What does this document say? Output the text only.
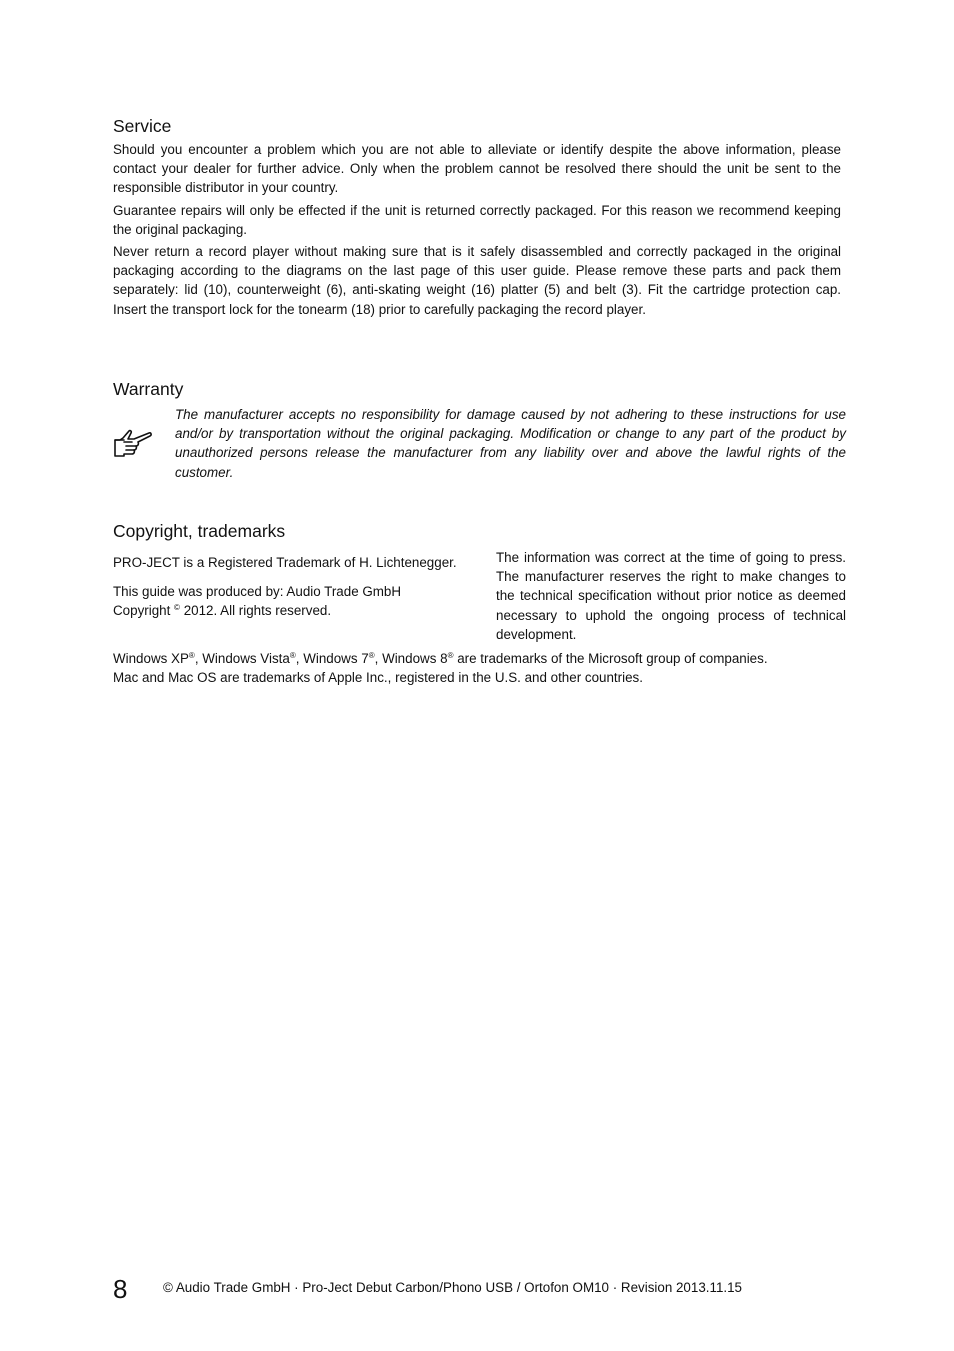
Service

Should you encounter a problem which you are not able to alleviate or identify despite the above information, please contact your dealer for further advice. Only when the problem cannot be resolved there should the unit be sent to the responsible distributor in your country.

Guarantee repairs will only be effected if the unit is returned correctly packaged. For this reason we recommend keeping the original packaging.

Never return a record player without making sure that is it safely disassembled and correctly packaged in the original packaging according to the diagrams on the last page of this user guide. Please remove these parts and pack them separately: lid (10), counterweight (6), anti-skating weight (16) platter (5) and belt (3). Fit the cartridge protection cap. Insert the transport lock for the tonearm (18) prior to carefully packaging the record player.

Warranty

The manufacturer accepts no responsibility for damage caused by not adhering to these instructions for use and/or by transportation without the original packaging. Modification or change to any part of the product by unauthorized persons release the manufacturer from any liability over and above the lawful rights of the customer.

Copyright, trademarks

PRO-JECT is a Registered Trademark of H. Lichtenegger.

This guide was produced by: Audio Trade GmbH

Copyright © 2012. All rights reserved.

The information was correct at the time of going to press. The manufacturer reserves the right to make changes to the technical specification without prior notice as deemed necessary to uphold the ongoing process of technical development.

Windows XP®, Windows Vista®, Windows 7®, Windows 8® are trademarks of the Microsoft group of companies.

Mac and Mac OS are trademarks of Apple Inc., registered in the U.S. and other countries.

8	© Audio Trade GmbH · Pro-Ject Debut Carbon/Phono USB / Ortofon OM10 · Revision 2013.11.15
